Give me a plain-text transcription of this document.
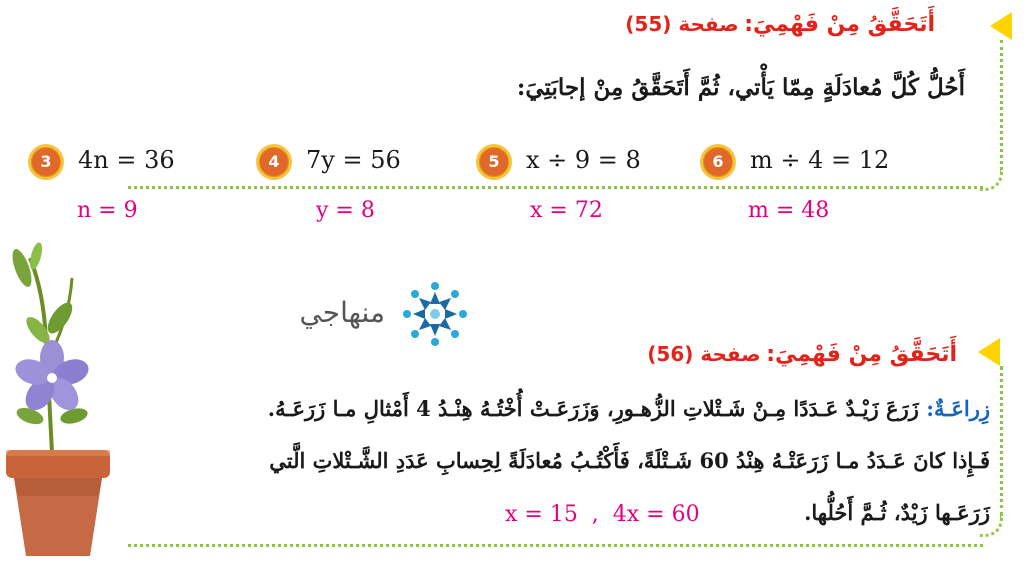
أَتَحَقَّقُ مِنْ فَهْمِيَ: صفحة (55)
أَحُلُّ كُلَّ مُعادَلَةٍ مِمّا يَأْتي، ثُمَّ أَتَحَقَّقُ مِنْ إجابَتِيَ:
3	4n = 36
n = 9
4	7y = 56
y = 8
5	x ÷ 9 = 8
x = 72
6	m ÷ 4 = 12
m = 48
منهاجي
أَتَحَقَّقُ مِنْ فَهْمِيَ: صفحة (56)
زِراعَـةٌ: زَرَعَ زَيْـدٌ عَـدَدًا مِـنْ شَـتْلاتِ الزُّهـورِ، وَزَرَعَـتْ أُخْتُـهُ هِنْـدُ 4 أَمْثالِ مـا زَرَعَـهُ.
فَـإِذا كانَ عَـدَدُ مـا زَرَعَتْـهُ هِنْدُ 60 شَـتْلَةً، فَأَكْتُـبُ مُعادَلَةً لِحِسابِ عَدَدِ الشَّـتْلاتِ الَّتي
زَرَعَـها زَيْدٌ، ثُـمَّ أَحُلُّها.
x = 15  ,  4x = 60
